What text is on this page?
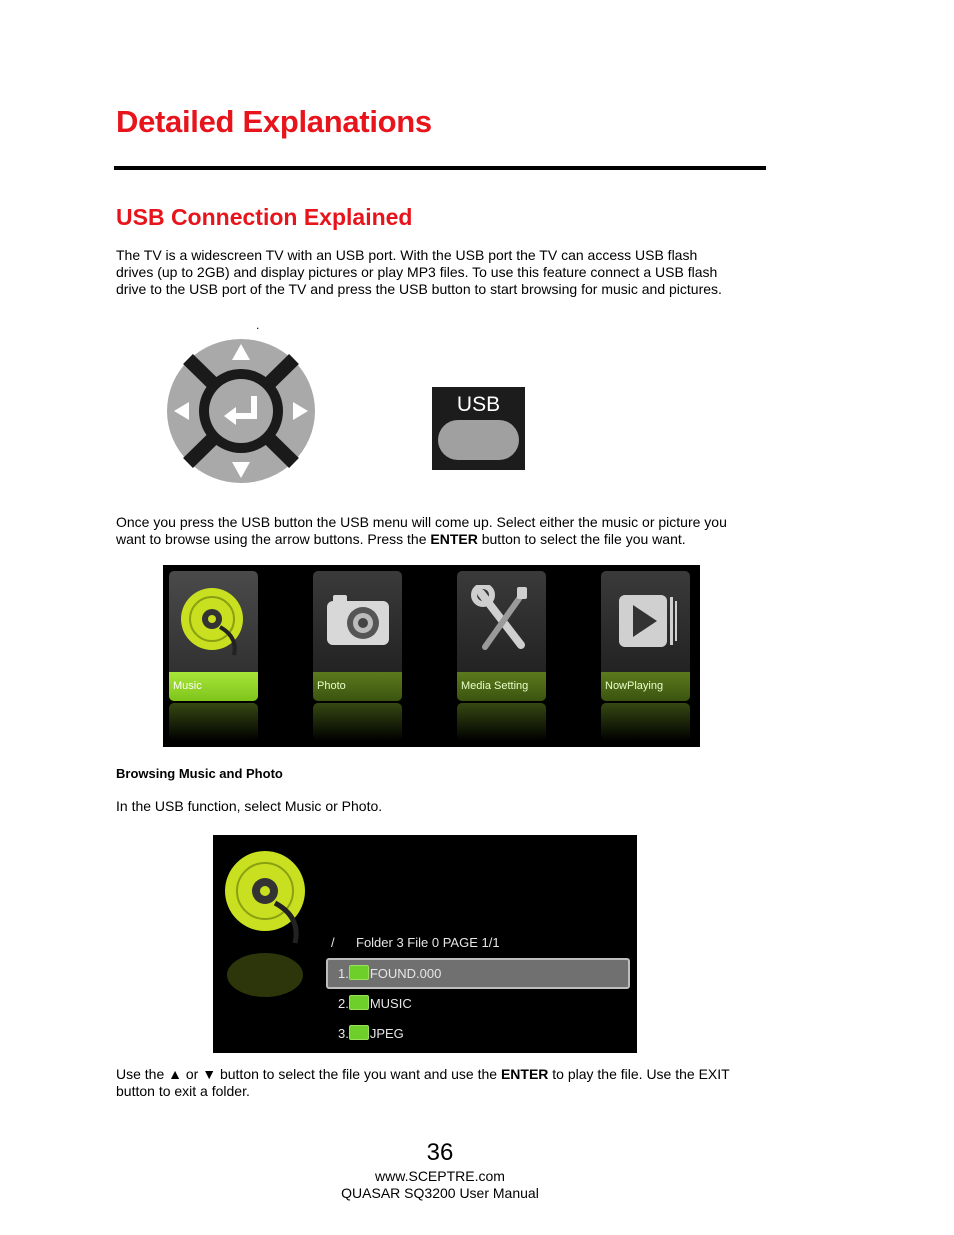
Detailed Explanations
USB Connection Explained
The TV is a widescreen TV with an USB port. With the USB port the TV can access USB flash
drives (up to 2GB) and display pictures or play MP3 files. To use this feature connect a USB flash
drive to the USB port of the TV and press the USB button to start browsing for music and pictures.
.
USB
Once you press the USB button the USB menu will come up. Select either the music or picture you
want to browse using the arrow buttons. Press the ENTER button to select the file you want.
Music	Photo	Media Setting	NowPlaying
Browsing Music and Photo
In the USB function, select Music or Photo.
/ Folder 3 File 0 PAGE 1/1
1. FOUND.000
2. MUSIC
3. JPEG
Use the ▲ or ▼ button to select the file you want and use the ENTER to play the file. Use the EXIT
button to exit a folder.
36
www.SCEPTRE.com
QUASAR SQ3200 User Manual
